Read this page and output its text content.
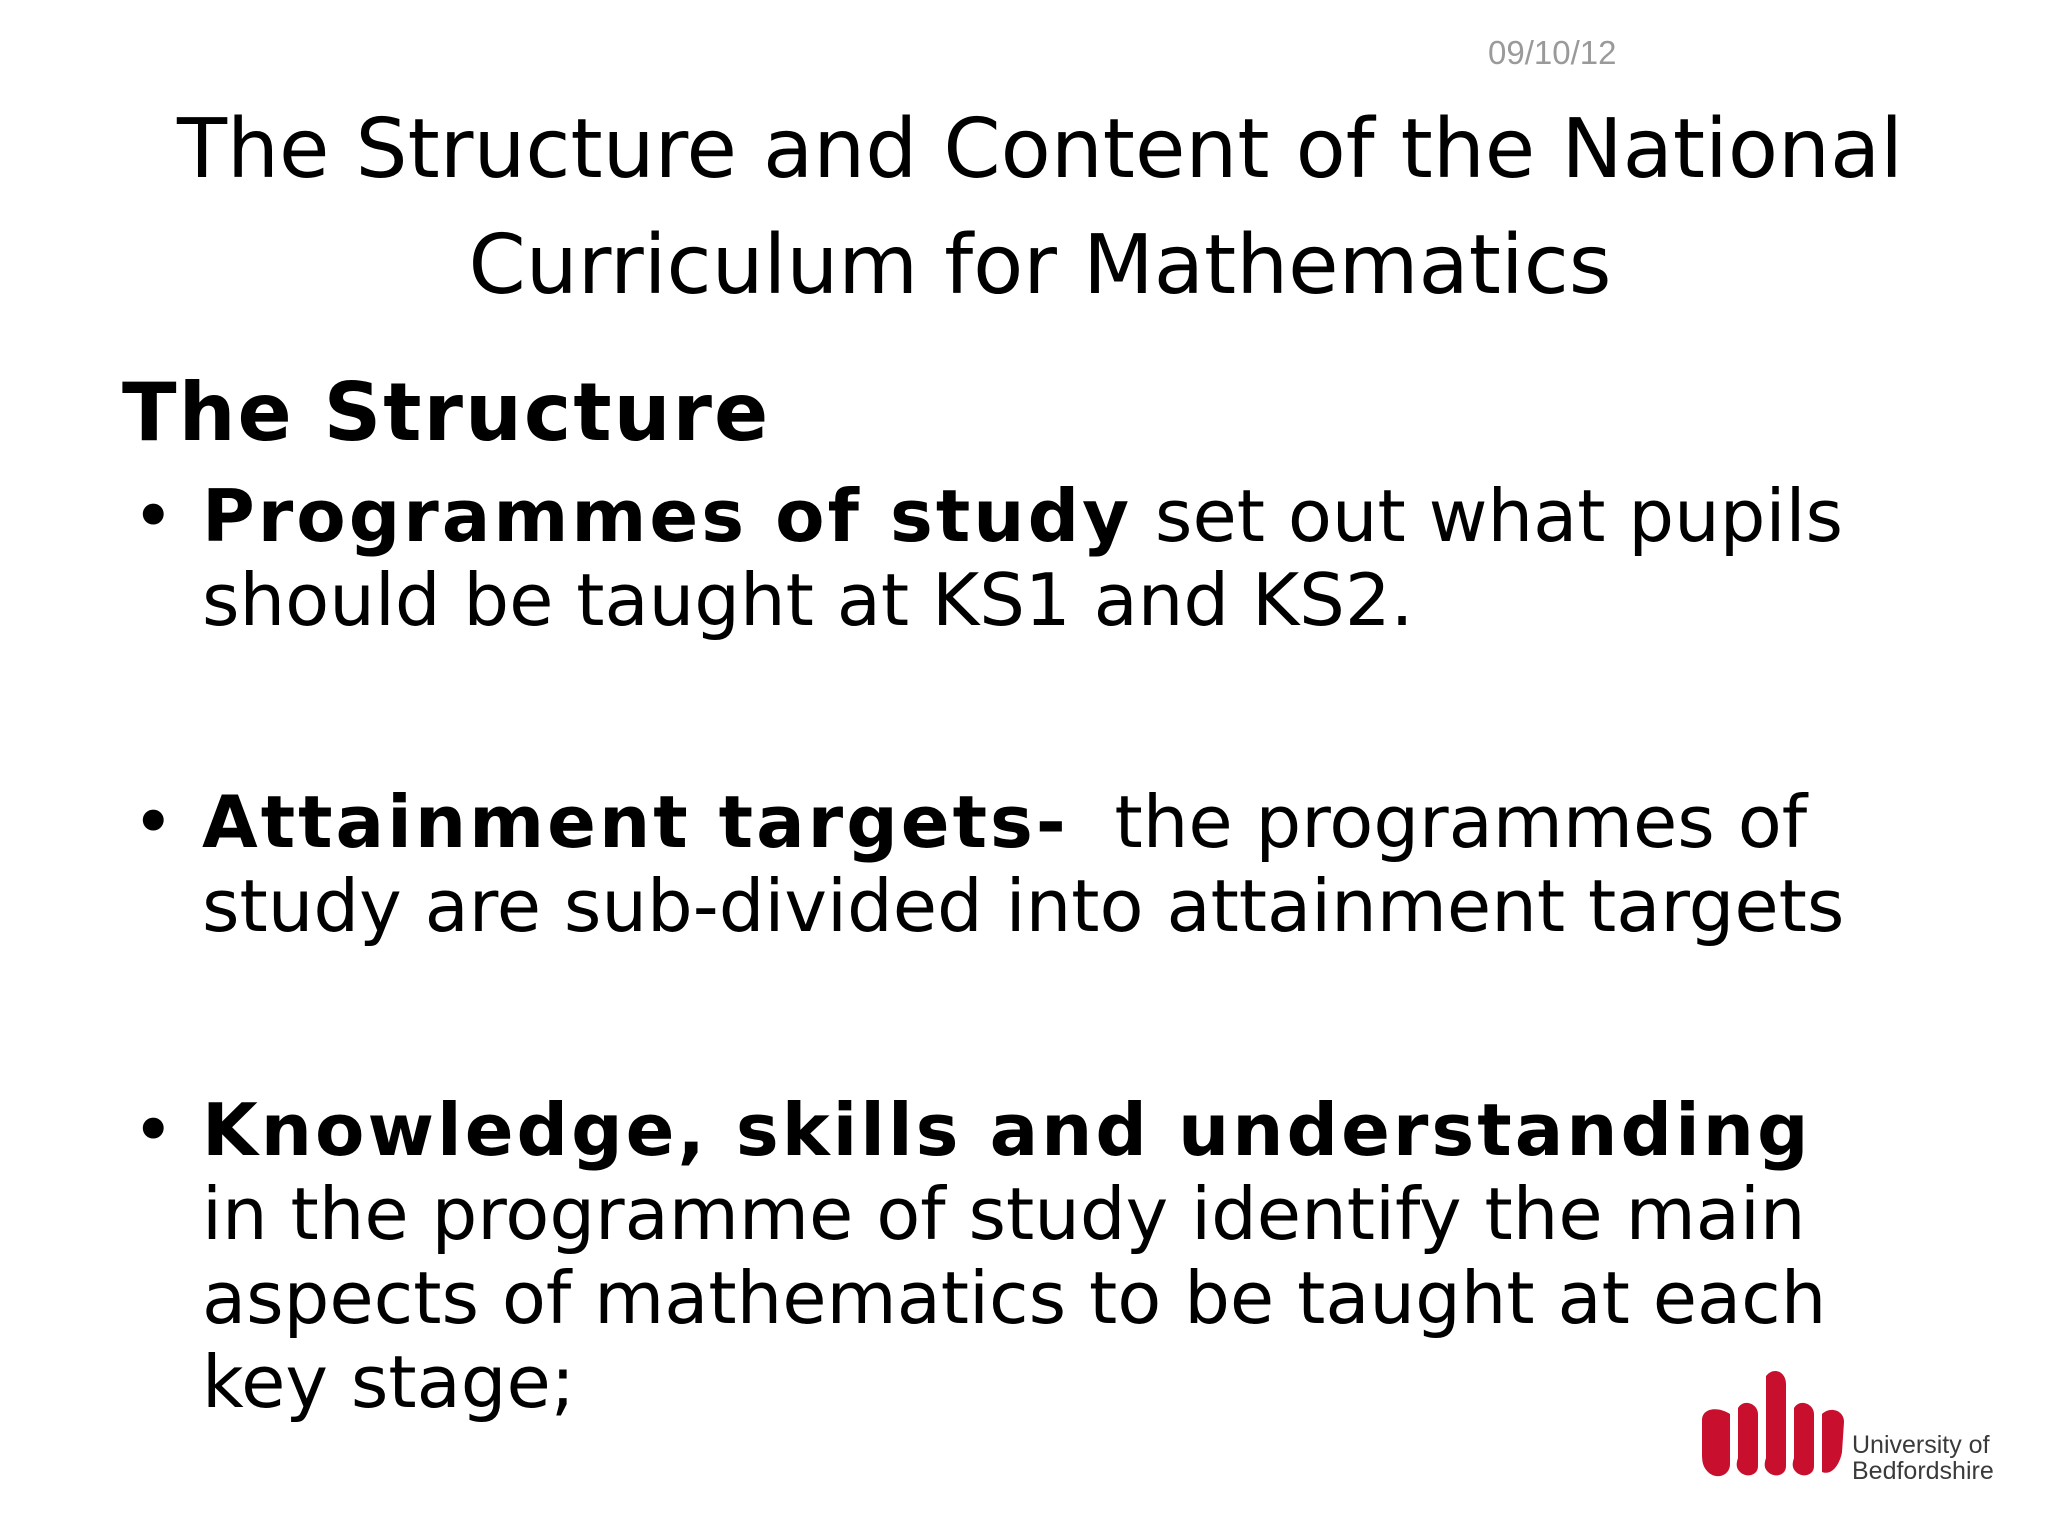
09/10/12
The Structure and Content of the National
Curriculum for Mathematics
The Structure
• Programmes of study set out what pupils should be taught at KS1 and KS2.
• Attainment targets-  the programmes of study are sub-divided into attainment targets
• Knowledge, skills and understanding in the programme of study identify the main aspects of mathematics to be taught at each key stage;
University of
Bedfordshire
